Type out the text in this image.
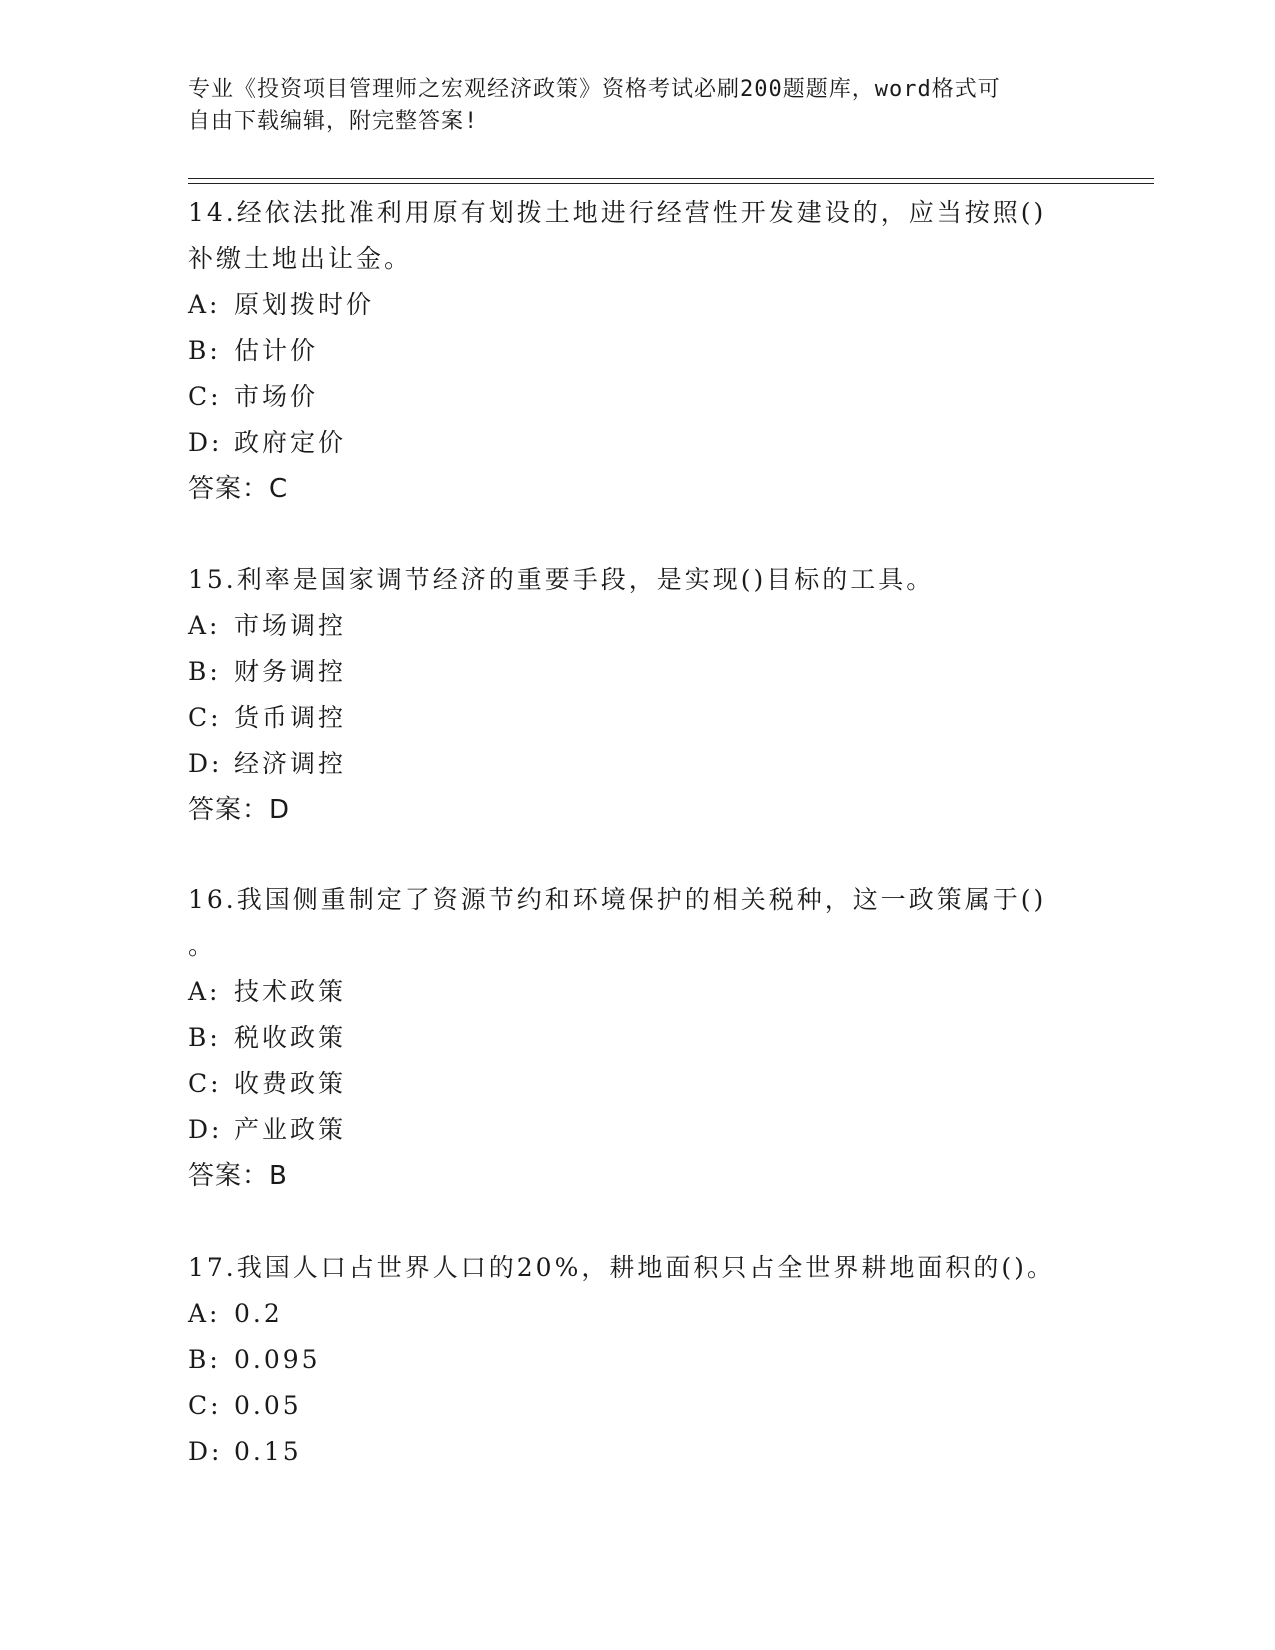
专业《投资项目管理师之宏观经济政策》资格考试必刷200题题库，word格式可
自由下载编辑，附完整答案!

14.经依法批准利用原有划拨土地进行经营性开发建设的，应当按照()

补缴土地出让金。

A: 原划拨时价

B: 估计价

C: 市场价

D: 政府定价

答案：C

15.利率是国家调节经济的重要手段，是实现()目标的工具。

A: 市场调控

B: 财务调控

C: 货币调控

D: 经济调控

答案：D

16.我国侧重制定了资源节约和环境保护的相关税种，这一政策属于()

。

A: 技术政策

B: 税收政策

C: 收费政策

D: 产业政策

答案：B

17.我国人口占世界人口的20%，耕地面积只占全世界耕地面积的()。

A: 0.2

B: 0.095

C: 0.05

D: 0.15
